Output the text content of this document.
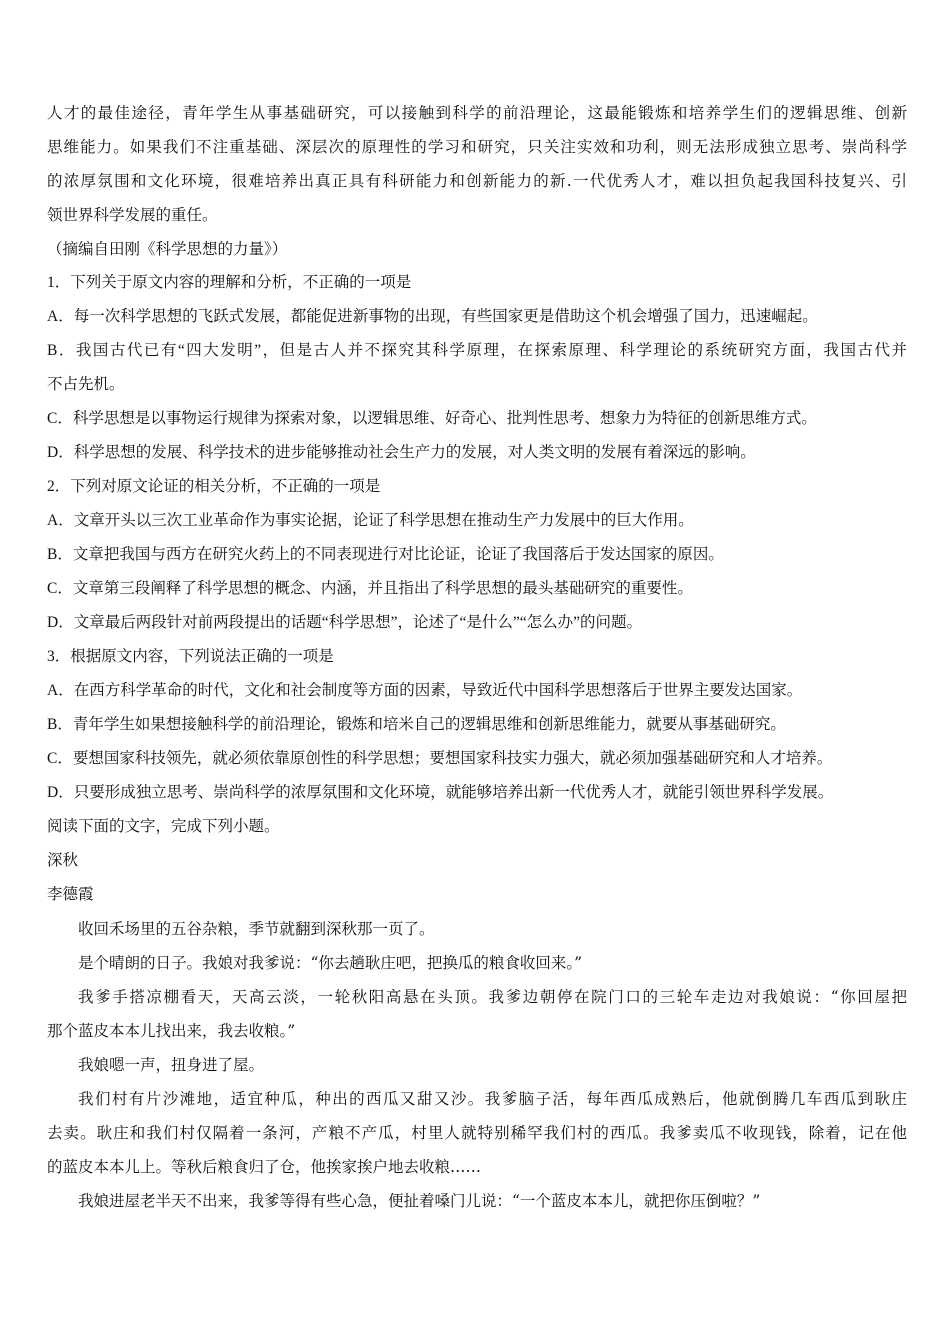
人才的最佳途径，青年学生从事基础研究，可以接触到科学的前沿理论，这最能锻炼和培养学生们的逻辑思维、创新
思维能力。如果我们不注重基础、深层次的原理性的学习和研究，只关注实效和功利，则无法形成独立思考、崇尚科学
的浓厚氛围和文化环境，很难培养出真正具有科研能力和创新能力的新.一代优秀人才，难以担负起我国科技复兴、引
领世界科学发展的重任。
（摘编自田刚《科学思想的力量》）
1．下列关于原文内容的理解和分析，不正确的一项是
A．每一次科学思想的飞跃式发展，都能促进新事物的出现，有些国家更是借助这个机会增强了国力，迅速崛起。
B．我国古代已有“四大发明”，但是古人并不探究其科学原理，在探索原理、科学理论的系统研究方面，我国古代并
不占先机。
C．科学思想是以事物运行规律为探索对象，以逻辑思维、好奇心、批判性思考、想象力为特征的创新思维方式。
D．科学思想的发展、科学技术的进步能够推动社会生产力的发展，对人类文明的发展有着深远的影响。
2．下列对原文论证的相关分析，不正确的一项是
A．文章开头以三次工业革命作为事实论据，论证了科学思想在推动生产力发展中的巨大作用。
B．文章把我国与西方在研究火药上的不同表现进行对比论证，论证了我国落后于发达国家的原因。
C．文章第三段阐释了科学思想的概念、内涵，并且指出了科学思想的最头基础研究的重要性。
D．文章最后两段针对前两段提出的话题“科学思想”，论述了“是什么”“怎么办”的问题。
3．根据原文内容，下列说法正确的一项是
A．在西方科学革命的时代，文化和社会制度等方面的因素，导致近代中国科学思想落后于世界主要发达国家。
B．青年学生如果想接触科学的前沿理论，锻炼和培米自己的逻辑思维和创新思维能力，就要从事基础研究。
C．要想国家科技领先，就必须依靠原创性的科学思想；要想国家科技实力强大，就必须加强基础研究和人才培养。
D．只要形成独立思考、崇尚科学的浓厚氛围和文化环境，就能够培养出新一代优秀人才，就能引领世界科学发展。
阅读下面的文字，完成下列小题。
深秋
李德霞
收回禾场里的五谷杂粮，季节就翻到深秋那一页了。
是个晴朗的日子。我娘对我爹说：“你去趟耿庄吧，把换瓜的粮食收回来。”
我爹手搭凉棚看天，天高云淡，一轮秋阳高悬在头顶。我爹边朝停在院门口的三轮车走边对我娘说：“你回屋把
那个蓝皮本本儿找出来，我去收粮。”
我娘嗯一声，扭身进了屋。
我们村有片沙滩地，适宜种瓜，种出的西瓜又甜又沙。我爹脑子活，每年西瓜成熟后，他就倒腾几车西瓜到耿庄
去卖。耿庄和我们村仅隔着一条河，产粮不产瓜，村里人就特别稀罕我们村的西瓜。我爹卖瓜不收现钱，除着，记在他
的蓝皮本本儿上。等秋后粮食归了仓，他挨家挨户地去收粮……
我娘进屋老半天不出来，我爹等得有些心急，便扯着嗓门儿说：“一个蓝皮本本儿，就把你压倒啦？”
